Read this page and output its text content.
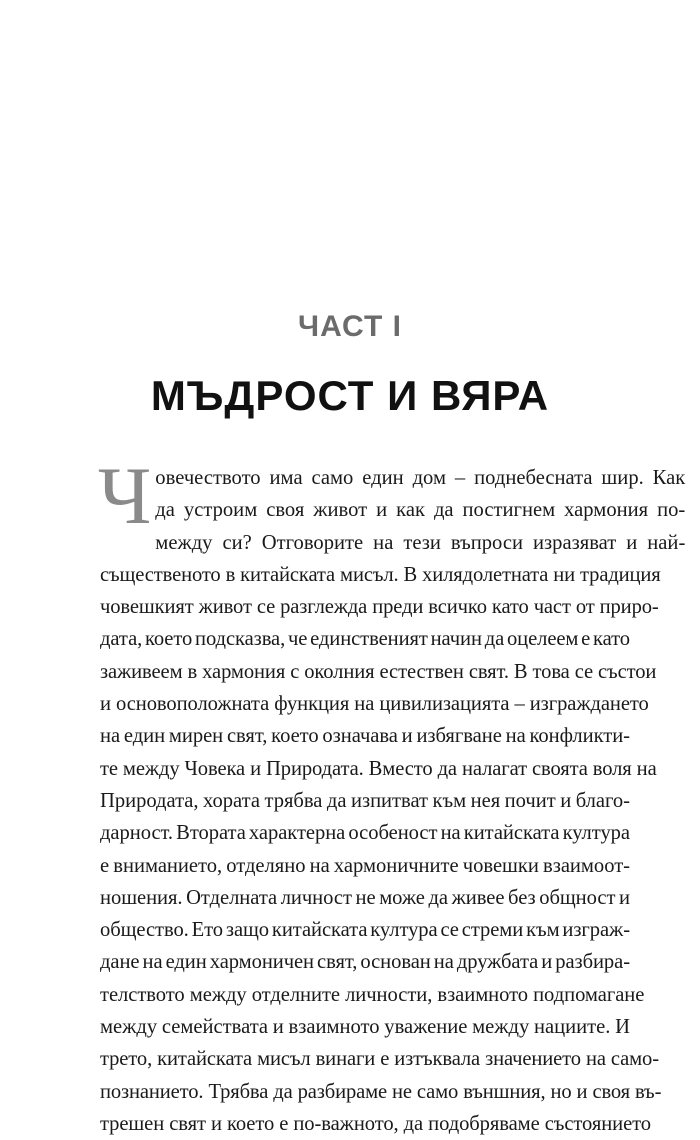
ЧАСТ I
МЪДРОСТ И ВЯРА
Ч овечеството има само един дом – поднебесната шир. Как
да устроим своя живот и как да постигнем хармония по-
между си? Отговорите на тези въпроси изразяват и най-
същественото в китайската мисъл. В хилядолетната ни традиция
човешкият живот се разглежда преди всичко като част от приро-
дата, което подсказва, че единственият начин да оцелеем е като
заживеем в хармония с околния естествен свят. В това се състои
и основоположната функция на цивилизацията – изграждането
на един мирен свят, което означава и избягване на конфликти-
те между Човека и Природата. Вместо да налагат своята воля на
Природата, хората трябва да изпитват към нея почит и благо-
дарност. Втората характерна особеност на китайската култура
е вниманието, отделяно на хармоничните човешки взаимоот-
ношения. Отделната личност не може да живее без общност и
общество. Ето защо китайската култура се стреми към изграж-
дане на един хармоничен свят, основан на дружбата и разбира-
телството между отделните личности, взаимното подпомагане
между семействата и взаимното уважение между нациите. И
трето, китайската мисъл винаги е изтъквала значението на само-
познанието. Трябва да разбираме не само външния, но и своя въ-
трешен свят и което е по-важното, да подобряваме състоянието
